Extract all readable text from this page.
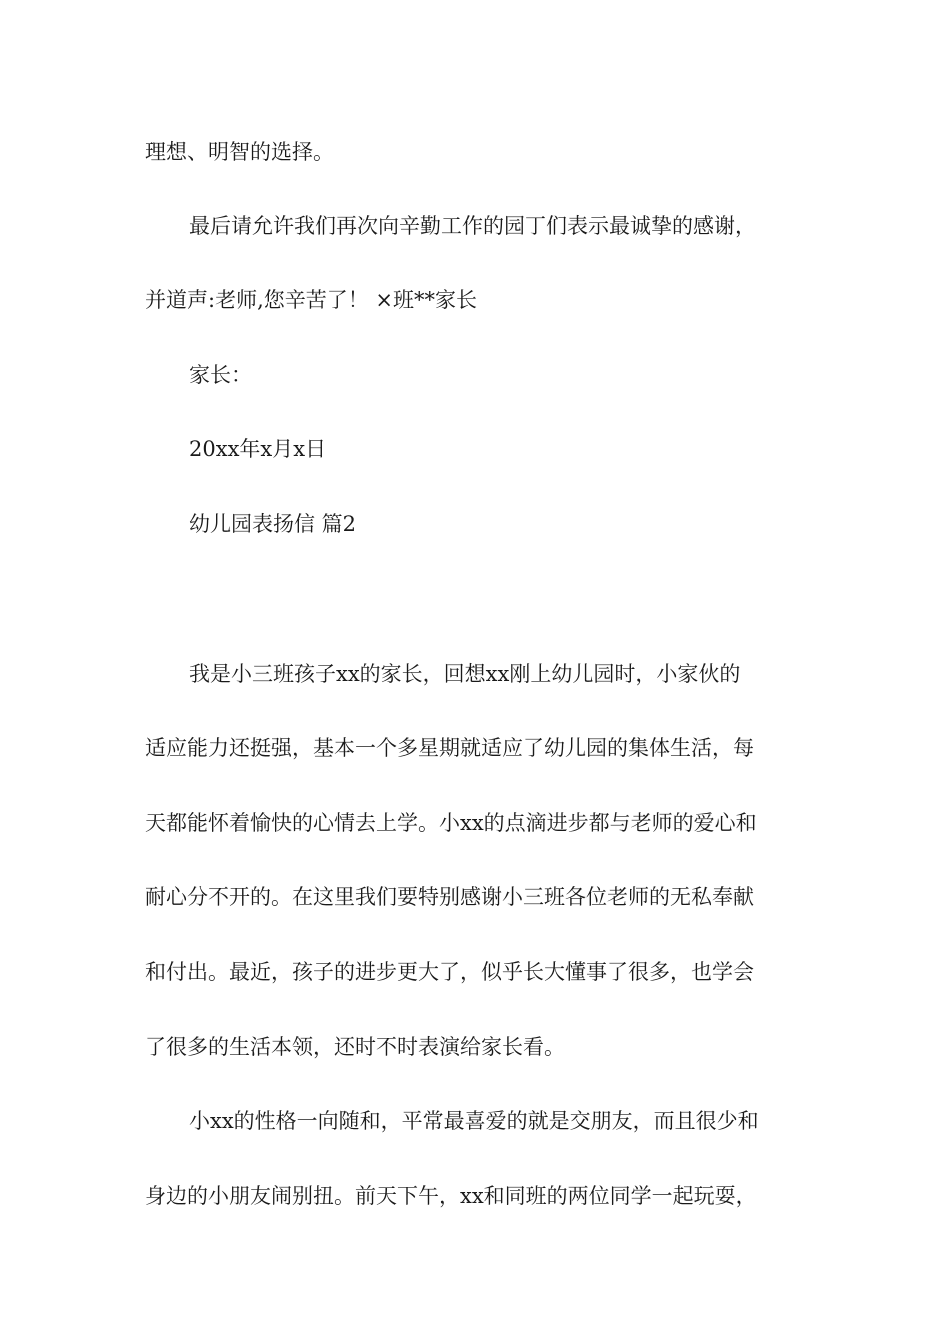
理想、明智的选择。

最后请允许我们再次向辛勤工作的园丁们表示最诚挚的感谢，

并道声:老师,您辛苦了！ ×班**家长

家长：

20xx年x月x日

幼儿园表扬信 篇2

我是小三班孩子xx的家长，回想xx刚上幼儿园时，小家伙的

适应能力还挺强，基本一个多星期就适应了幼儿园的集体生活，每

天都能怀着愉快的心情去上学。小xx的点滴进步都与老师的爱心和

耐心分不开的。在这里我们要特别感谢小三班各位老师的无私奉献

和付出。最近，孩子的进步更大了，似乎长大懂事了很多，也学会

了很多的生活本领，还时不时表演给家长看。

小xx的性格一向随和，平常最喜爱的就是交朋友，而且很少和

身边的小朋友闹别扭。前天下午，xx和同班的两位同学一起玩耍，
